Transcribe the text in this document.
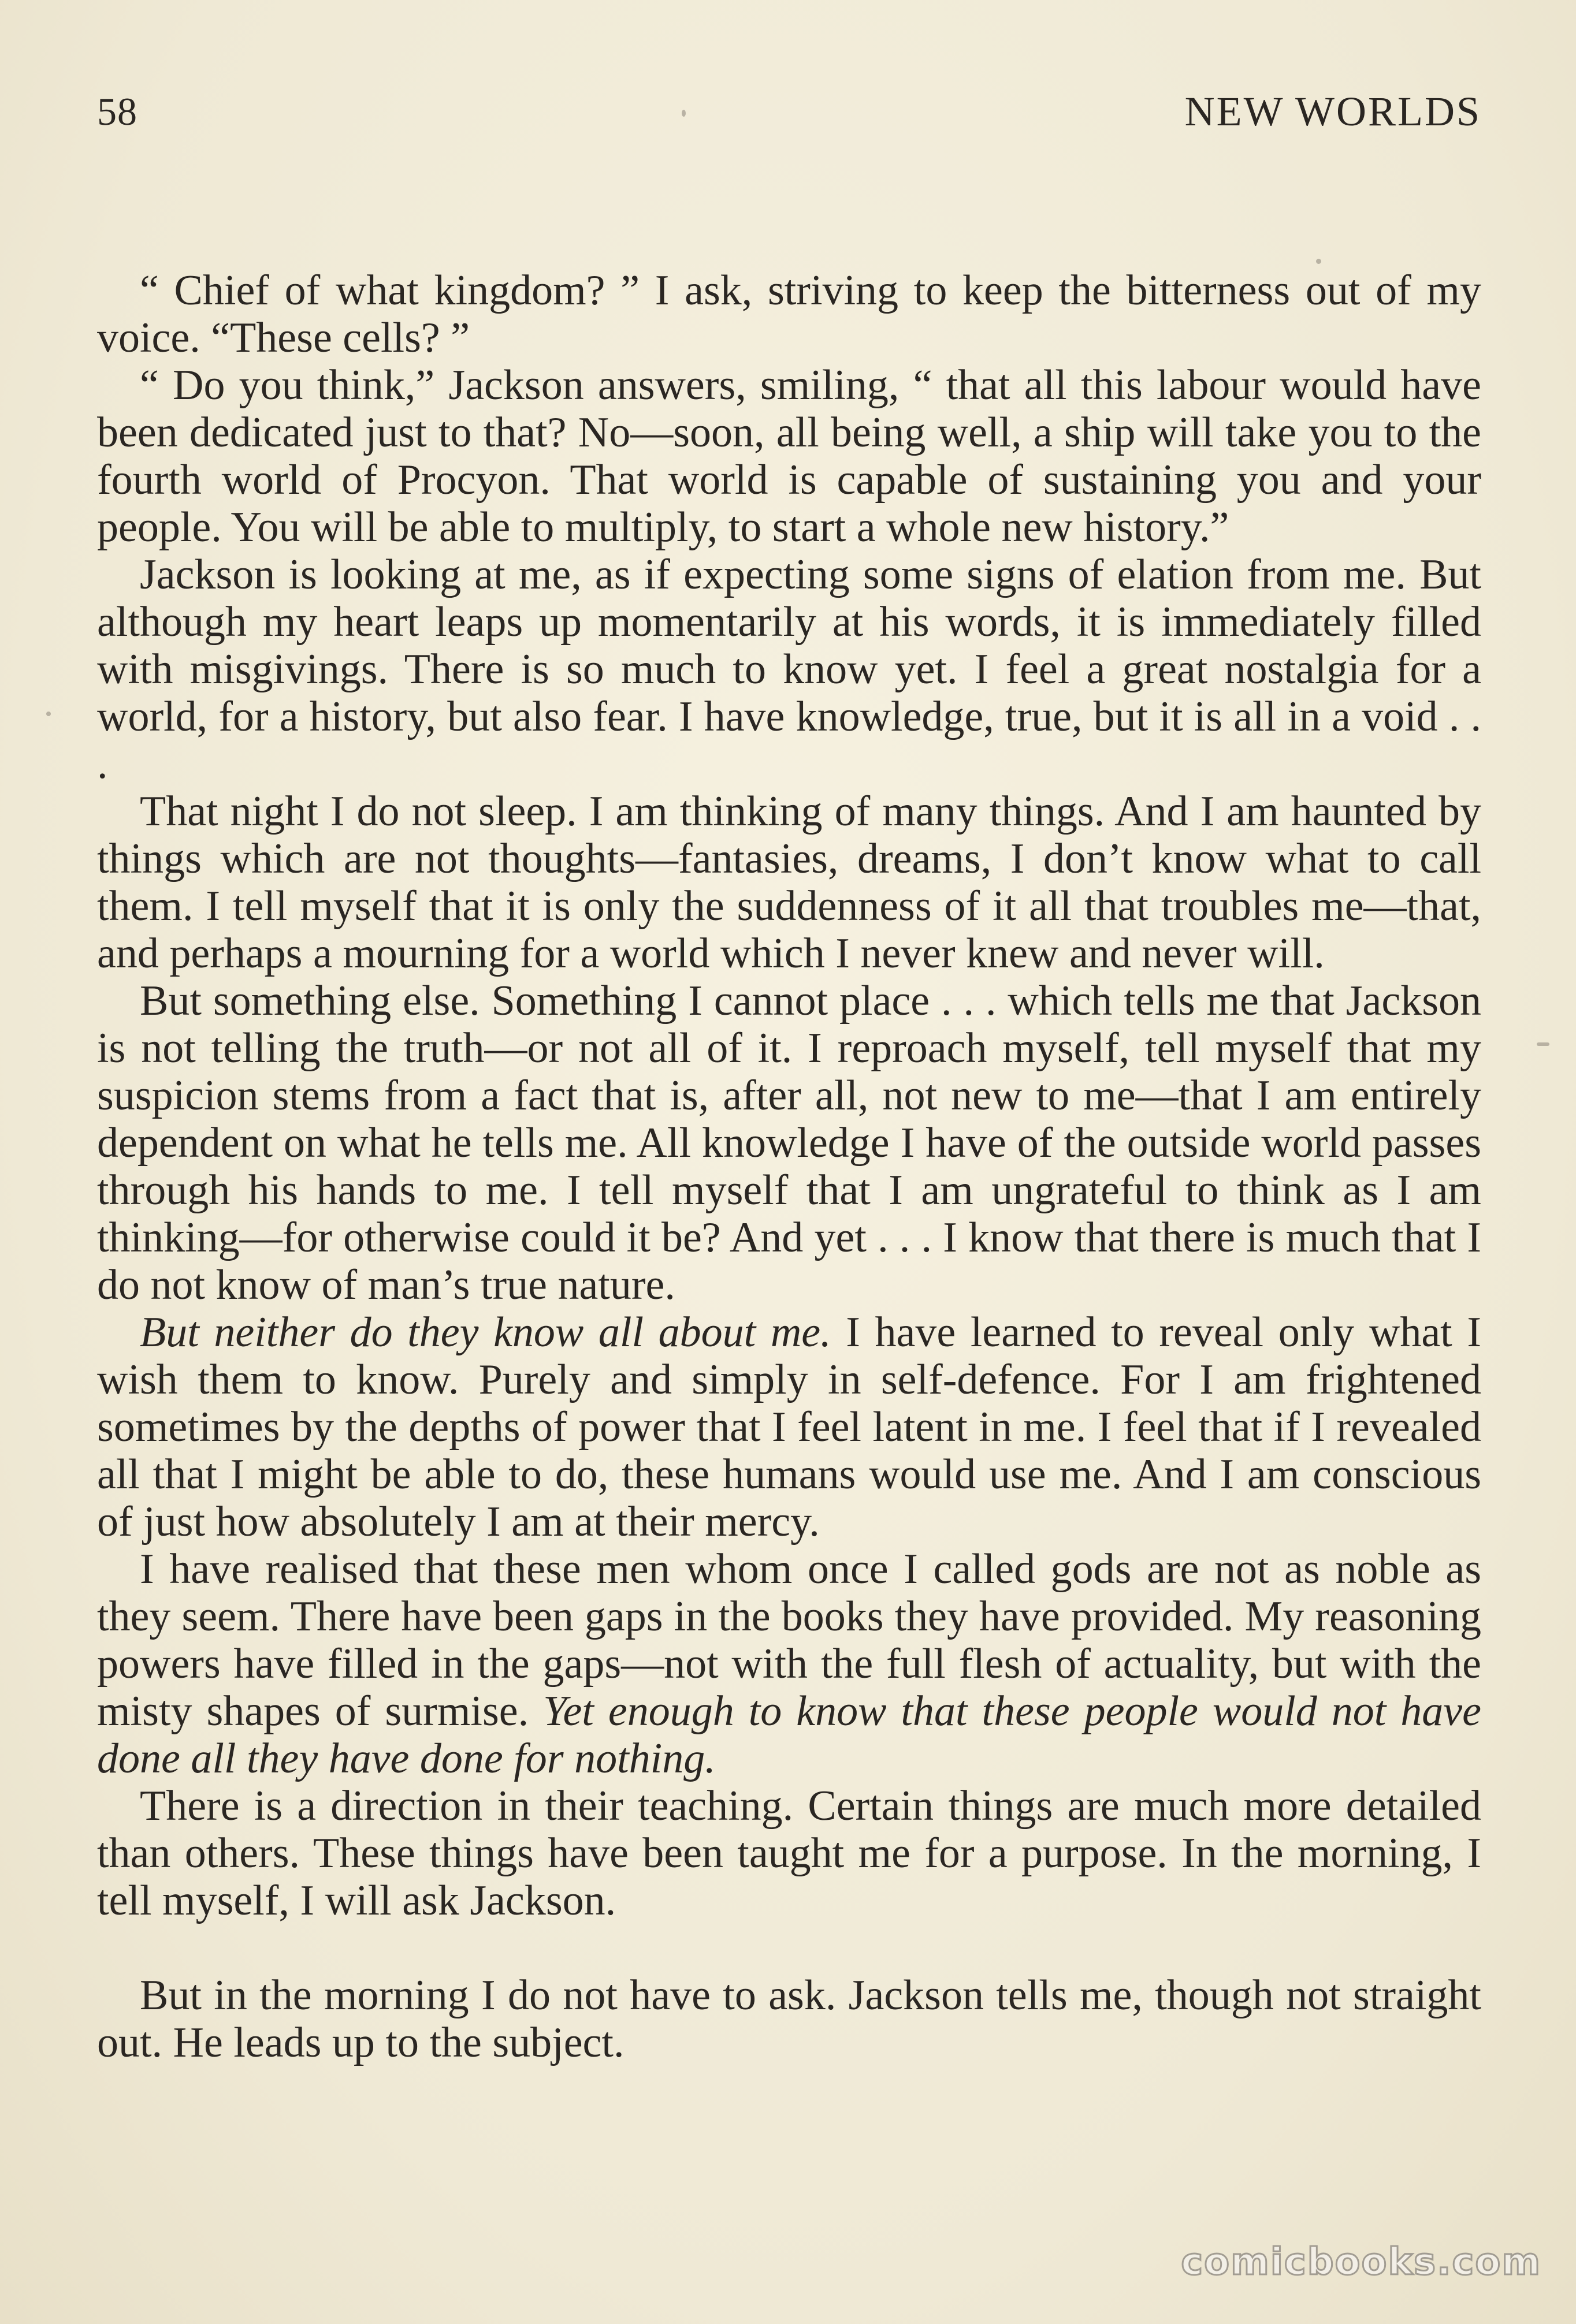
58	NEW WORLDS

“ Chief of what kingdom? ” I ask, striving to keep the bitterness out of my voice. “These cells? ”

“ Do you think,” Jackson answers, smiling, “ that all this labour would have been dedicated just to that? No—soon, all being well, a ship will take you to the fourth world of Procyon. That world is capable of sustaining you and your people. You will be able to multiply, to start a whole new history.”

Jackson is looking at me, as if expecting some signs of elation from me. But although my heart leaps up momentarily at his words, it is immediately filled with misgivings. There is so much to know yet. I feel a great nostalgia for a world, for a history, but also fear. I have knowledge, true, but it is all in a void . . .

That night I do not sleep. I am thinking of many things. And I am haunted by things which are not thoughts—fantasies, dreams, I don’t know what to call them. I tell myself that it is only the suddenness of it all that troubles me—that, and perhaps a mourning for a world which I never knew and never will.

But something else. Something I cannot place . . . which tells me that Jackson is not telling the truth—or not all of it. I reproach myself, tell myself that my suspicion stems from a fact that is, after all, not new to me—that I am entirely dependent on what he tells me. All knowledge I have of the outside world passes through his hands to me. I tell myself that I am ungrateful to think as I am thinking—for otherwise could it be? And yet . . . I know that there is much that I do not know of man’s true nature.

But neither do they know all about me. I have learned to reveal only what I wish them to know. Purely and simply in self-defence. For I am frightened sometimes by the depths of power that I feel latent in me. I feel that if I revealed all that I might be able to do, these humans would use me. And I am conscious of just how absolutely I am at their mercy.

I have realised that these men whom once I called gods are not as noble as they seem. There have been gaps in the books they have provided. My reasoning powers have filled in the gaps—not with the full flesh of actuality, but with the misty shapes of surmise. Yet enough to know that these people would not have done all they have done for nothing.

There is a direction in their teaching. Certain things are much more detailed than others. These things have been taught me for a purpose. In the morning, I tell myself, I will ask Jackson.

But in the morning I do not have to ask. Jackson tells me, though not straight out. He leads up to the subject.

comicbooks.com
